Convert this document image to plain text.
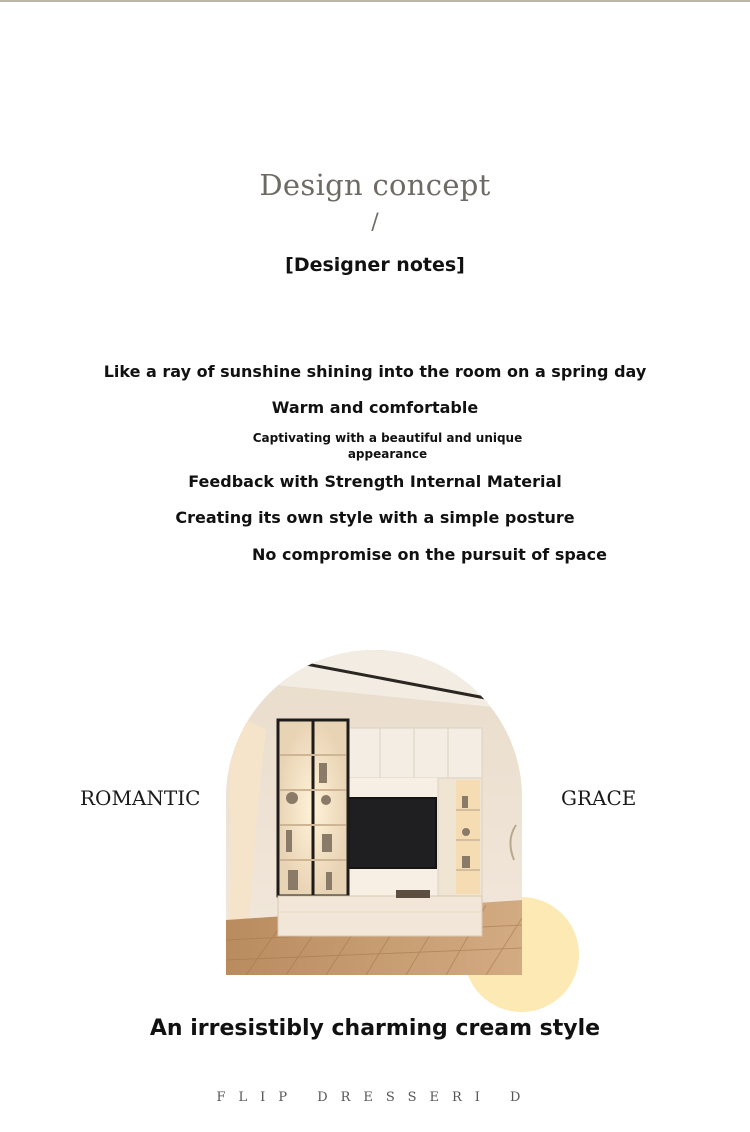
Design concept
/
[Designer notes]
Like a ray of sunshine shining into the room on a spring day
Warm and comfortable
Captivating with a beautiful and unique appearance
Feedback with Strength Internal Material
Creating its own style with a simple posture
No compromise on the pursuit of space
ROMANTIC	GRACE
An irresistibly charming cream style
FLIP DRESSERI D
